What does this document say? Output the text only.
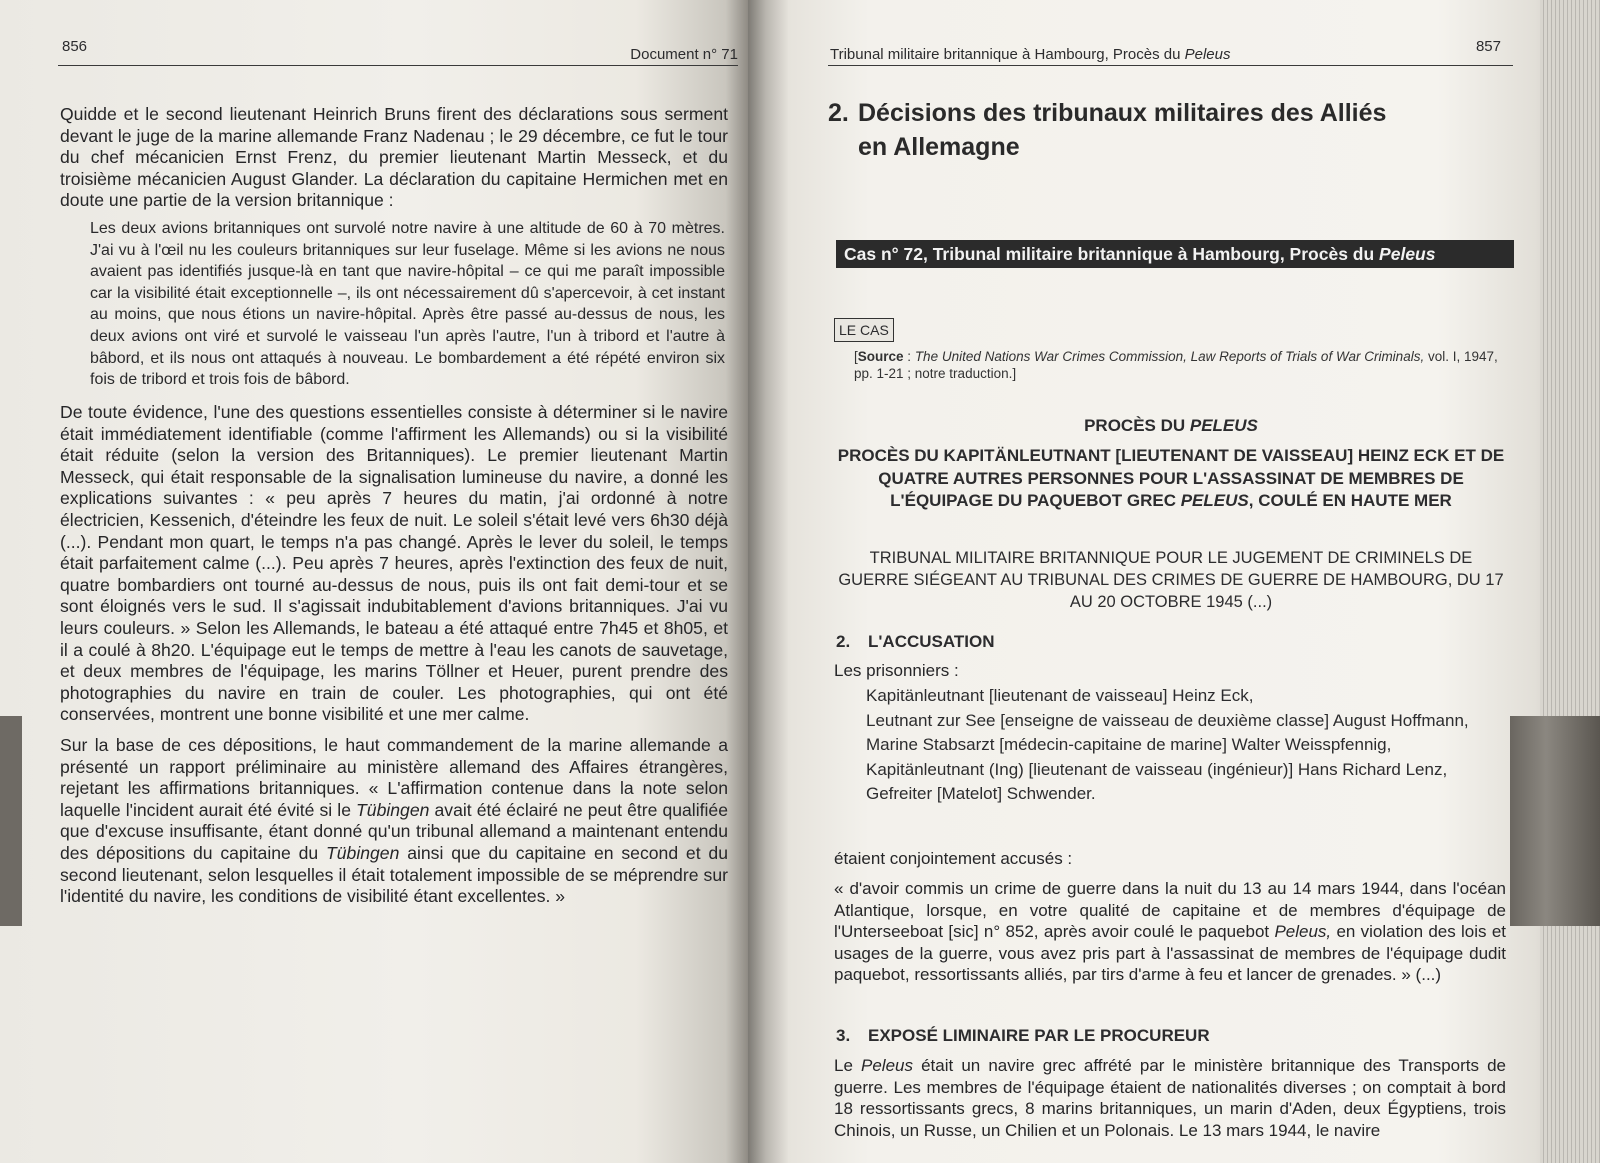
856	Document n° 71

Quidde et le second lieutenant Heinrich Bruns firent des déclarations sous serment devant le juge de la marine allemande Franz Nadenau ; le 29 décembre, ce fut le tour du chef mécanicien Ernst Frenz, du premier lieutenant Martin Messeck, et du troisième mécanicien August Glander. La déclaration du capitaine Hermichen met en doute une partie de la version britannique :

Les deux avions britanniques ont survolé notre navire à une altitude de 60 à 70 mètres. J'ai vu à l'œil nu les couleurs britanniques sur leur fuselage. Même si les avions ne nous avaient pas identifiés jusque-là en tant que navire-hôpital – ce qui me paraît impossible car la visibilité était exceptionnelle –, ils ont nécessairement dû s'apercevoir, à cet instant au moins, que nous étions un navire-hôpital. Après être passé au-dessus de nous, les deux avions ont viré et survolé le vaisseau l'un après l'autre, l'un à tribord et l'autre à bâbord, et ils nous ont attaqués à nouveau. Le bombardement a été répété environ six fois de tribord et trois fois de bâbord.

De toute évidence, l'une des questions essentielles consiste à déterminer si le navire était immédiatement identifiable (comme l'affirment les Allemands) ou si la visibilité était réduite (selon la version des Britanniques). Le premier lieutenant Martin Messeck, qui était responsable de la signalisation lumineuse du navire, a donné les explications suivantes : « peu après 7 heures du matin, j'ai ordonné à notre électricien, Kessenich, d'éteindre les feux de nuit. Le soleil s'était levé vers 6h30 déjà (...). Pendant mon quart, le temps n'a pas changé. Après le lever du soleil, le temps était parfaitement calme (...). Peu après 7 heures, après l'extinction des feux de nuit, quatre bombardiers ont tourné au-dessus de nous, puis ils ont fait demi-tour et se sont éloignés vers le sud. Il s'agissait indubitablement d'avions britanniques. J'ai vu leurs couleurs. » Selon les Allemands, le bateau a été attaqué entre 7h45 et 8h05, et il a coulé à 8h20. L'équipage eut le temps de mettre à l'eau les canots de sauvetage, et deux membres de l'équipage, les marins Töllner et Heuer, purent prendre des photographies du navire en train de couler. Les photographies, qui ont été conservées, montrent une bonne visibilité et une mer calme.

Sur la base de ces dépositions, le haut commandement de la marine allemande a présenté un rapport préliminaire au ministère allemand des Affaires étrangères, rejetant les affirmations britanniques. « L'affirmation contenue dans la note selon laquelle l'incident aurait été évité si le Tübingen avait été éclairé ne peut être qualifiée que d'excuse insuffisante, étant donné qu'un tribunal allemand a maintenant entendu des dépositions du capitaine du Tübingen ainsi que du capitaine en second et du second lieutenant, selon lesquelles il était totalement impossible de se méprendre sur l'identité du navire, les conditions de visibilité étant excellentes. »

Tribunal militaire britannique à Hambourg, Procès du Peleus	857
2. Décisions des tribunaux militaires des Alliés
en Allemagne
Cas n° 72, Tribunal militaire britannique à Hambourg, Procès du Peleus
LE CAS

[Source : The United Nations War Crimes Commission, Law Reports of Trials of War Criminals, vol. I, 1947, pp. 1-21 ; notre traduction.]

PROCÈS DU PELEUS
PROCÈS DU KAPITÄNLEUTNANT [LIEUTENANT DE VAISSEAU] HEINZ ECK ET DE QUATRE AUTRES PERSONNES POUR L'ASSASSINAT DE MEMBRES DE L'ÉQUIPAGE DU PAQUEBOT GREC PELEUS, COULÉ EN HAUTE MER
TRIBUNAL MILITAIRE BRITANNIQUE POUR LE JUGEMENT DE CRIMINELS DE GUERRE SIÉGEANT AU TRIBUNAL DES CRIMES DE GUERRE DE HAMBOURG, DU 17 AU 20 OCTOBRE 1945 (...)
2. L'ACCUSATION

Les prisonniers :

Kapitänleutnant [lieutenant de vaisseau] Heinz Eck,
Leutnant zur See [enseigne de vaisseau de deuxième classe] August Hoffmann,
Marine Stabsarzt [médecin-capitaine de marine] Walter Weisspfennig,
Kapitänleutnant (Ing) [lieutenant de vaisseau (ingénieur)] Hans Richard Lenz,
Gefreiter [Matelot] Schwender.

étaient conjointement accusés :

« d'avoir commis un crime de guerre dans la nuit du 13 au 14 mars 1944, dans l'océan Atlantique, lorsque, en votre qualité de capitaine et de membres d'équipage de l'Unterseeboat [sic] n° 852, après avoir coulé le paquebot Peleus, en violation des lois et usages de la guerre, vous avez pris part à l'assassinat de membres de l'équipage dudit paquebot, ressortissants alliés, par tirs d'arme à feu et lancer de grenades. » (...)

3. EXPOSÉ LIMINAIRE PAR LE PROCUREUR

Le Peleus était un navire grec affrété par le ministère britannique des Transports de guerre. Les membres de l'équipage étaient de nationalités diverses ; on comptait à bord 18 ressortissants grecs, 8 marins britanniques, un marin d'Aden, deux Égyptiens, trois Chinois, un Russe, un Chilien et un Polonais. Le 13 mars 1944, le navire
